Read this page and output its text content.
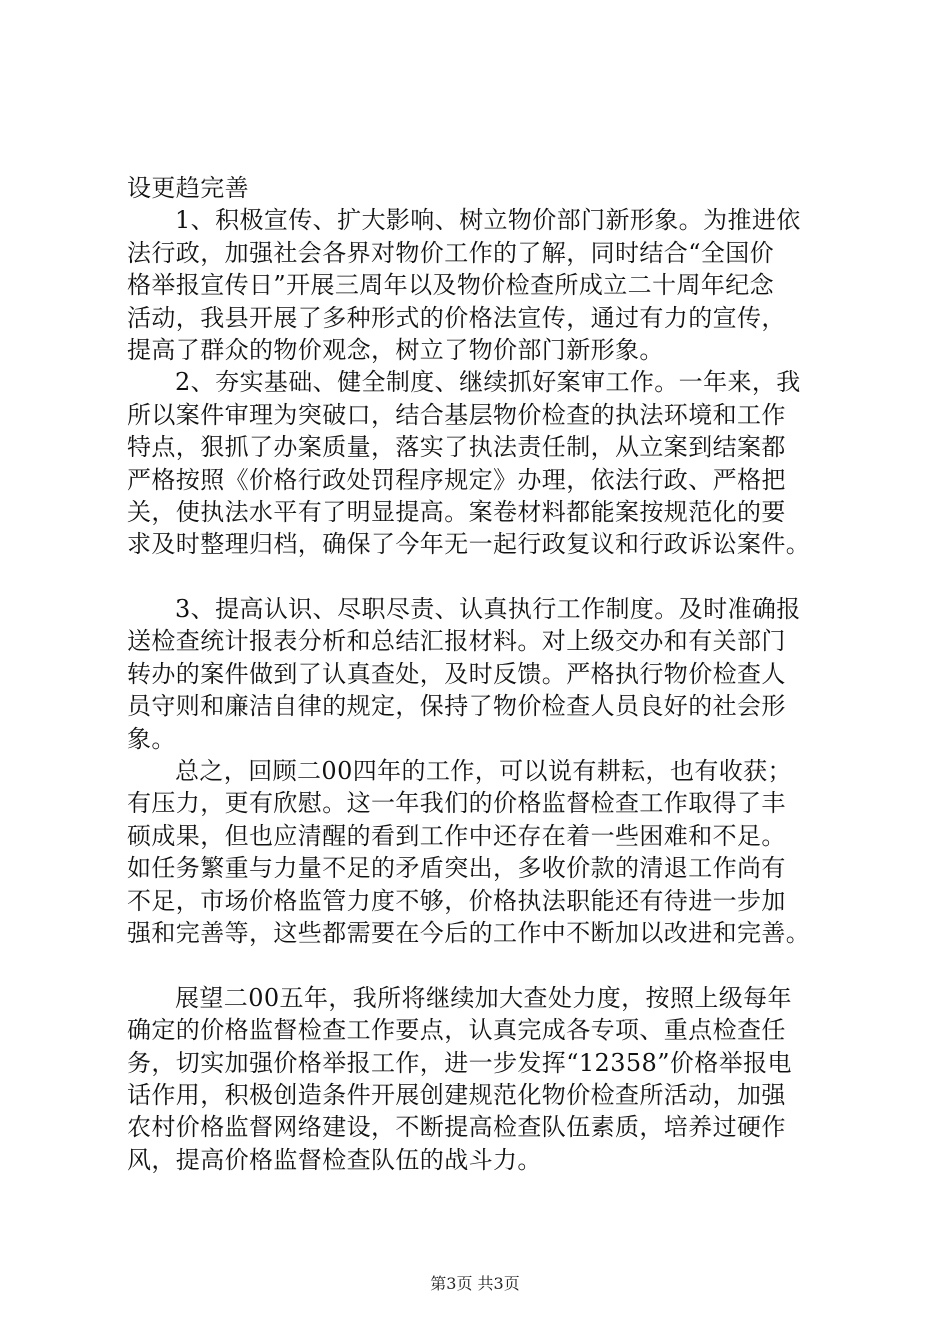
设更趋完善
1、积极宣传、扩大影响、树立物价部门新形象。为推进依
法行政，加强社会各界对物价工作的了解，同时结合“全国价
格举报宣传日”开展三周年以及物价检查所成立二十周年纪念
活动，我县开展了多种形式的价格法宣传，通过有力的宣传，
提高了群众的物价观念，树立了物价部门新形象。
2、夯实基础、健全制度、继续抓好案审工作。一年来，我
所以案件审理为突破口，结合基层物价检查的执法环境和工作
特点，狠抓了办案质量，落实了执法责任制，从立案到结案都
严格按照《价格行政处罚程序规定》办理，依法行政、严格把
关，使执法水平有了明显提高。案卷材料都能案按规范化的要
求及时整理归档，确保了今年无一起行政复议和行政诉讼案件。
3、提高认识、尽职尽责、认真执行工作制度。及时准确报
送检查统计报表分析和总结汇报材料。对上级交办和有关部门
转办的案件做到了认真查处，及时反馈。严格执行物价检查人
员守则和廉洁自律的规定，保持了物价检查人员良好的社会形
象。
总之，回顾二00四年的工作，可以说有耕耘，也有收获；
有压力，更有欣慰。这一年我们的价格监督检查工作取得了丰
硕成果，但也应清醒的看到工作中还存在着一些困难和不足。
如任务繁重与力量不足的矛盾突出，多收价款的清退工作尚有
不足，市场价格监管力度不够，价格执法职能还有待进一步加
强和完善等，这些都需要在今后的工作中不断加以改进和完善。
展望二00五年，我所将继续加大查处力度，按照上级每年
确定的价格监督检查工作要点，认真完成各专项、重点检查任
务，切实加强价格举报工作，进一步发挥“12358”价格举报电
话作用，积极创造条件开展创建规范化物价检查所活动，加强
农村价格监督网络建设，不断提高检查队伍素质，培养过硬作
风，提高价格监督检查队伍的战斗力。
第3页 共3页
